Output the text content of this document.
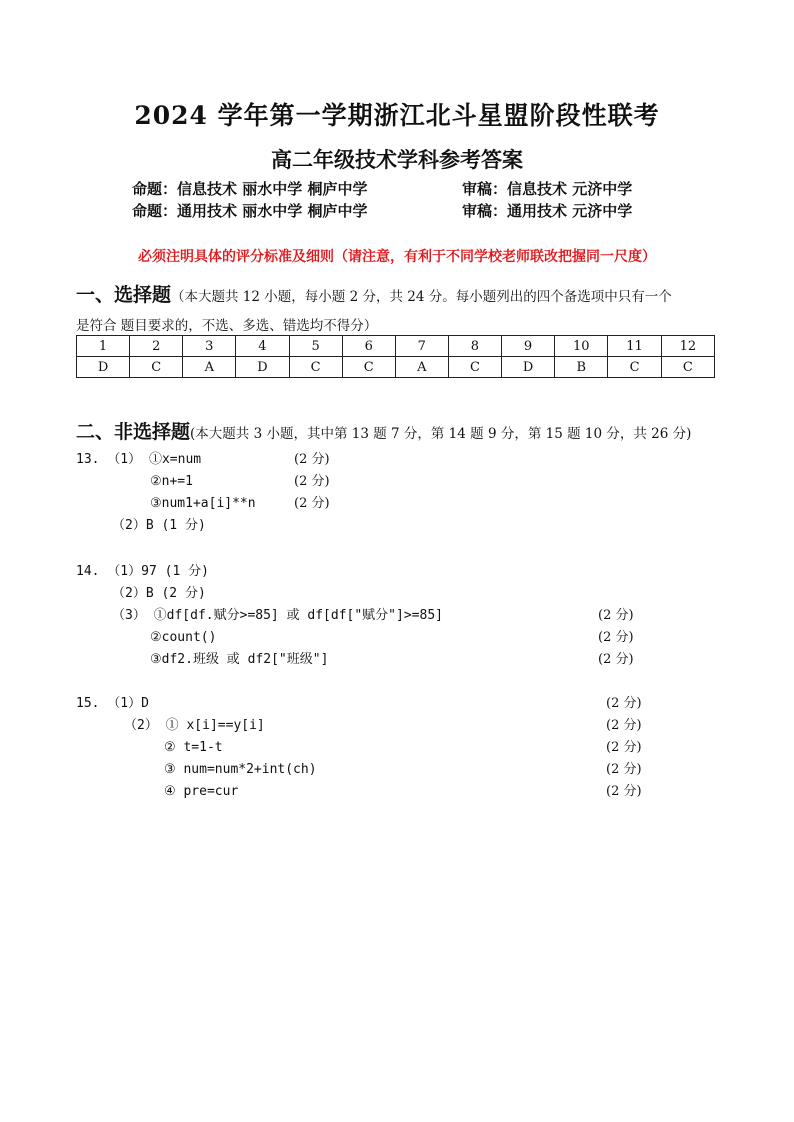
2024 学年第一学期浙江北斗星盟阶段性联考
高二年级技术学科参考答案
命题：信息技术 丽水中学 桐庐中学	审稿：信息技术 元济中学
命题：通用技术 丽水中学 桐庐中学	审稿：通用技术 元济中学
必须注明具体的评分标准及细则（请注意，有利于不同学校老师联改把握同一尺度）
一、选择题（本大题共 12 小题，每小题 2 分，共 24 分。每小题列出的四个备选项中只有一个
是符合 题目要求的，不选、多选、错选均不得分）
1	2	3	4	5	6	7	8	9	10	11	12
D	C	A	D	C	C	A	C	D	B	C	C
二、非选择题(本大题共 3 小题，其中第 13 题 7 分，第 14 题 9 分，第 15 题 10 分，共 26 分)
13. （1） ①x=num	(2 分)
②n+=1	(2 分)
③num1+a[i]**n	(2 分)
（2）B (1 分)
14. （1）97 (1 分)
（2）B (2 分)
（3） ①df[df.赋分>=85] 或 df[df["赋分"]>=85]	(2 分)
②count()	(2 分)
③df2.班级 或 df2["班级"]	(2 分)
15. （1）D	(2 分)
（2） ① x[i]==y[i]	(2 分)
② t=1-t	(2 分)
③ num=num*2+int(ch)	(2 分)
④ pre=cur	(2 分)
